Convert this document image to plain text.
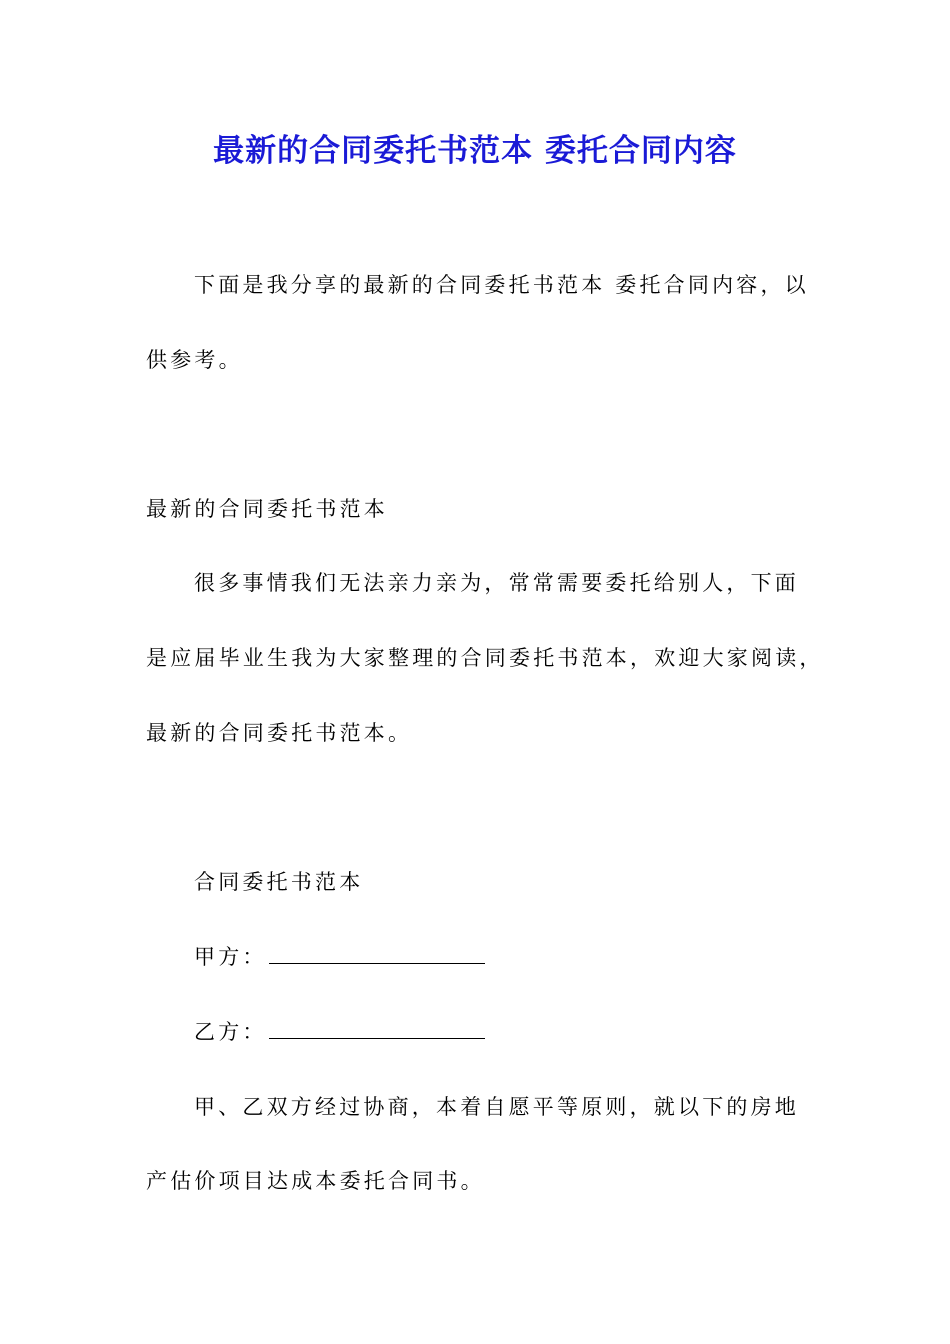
最新的合同委托书范本 委托合同内容
下面是我分享的最新的合同委托书范本 委托合同内容，以
供参考。
最新的合同委托书范本
很多事情我们无法亲力亲为，常常需要委托给别人，下面
是应届毕业生我为大家整理的合同委托书范本，欢迎大家阅读，
最新的合同委托书范本。
合同委托书范本
甲方：
乙方：
甲、乙双方经过协商，本着自愿平等原则，就以下的房地
产估价项目达成本委托合同书。
